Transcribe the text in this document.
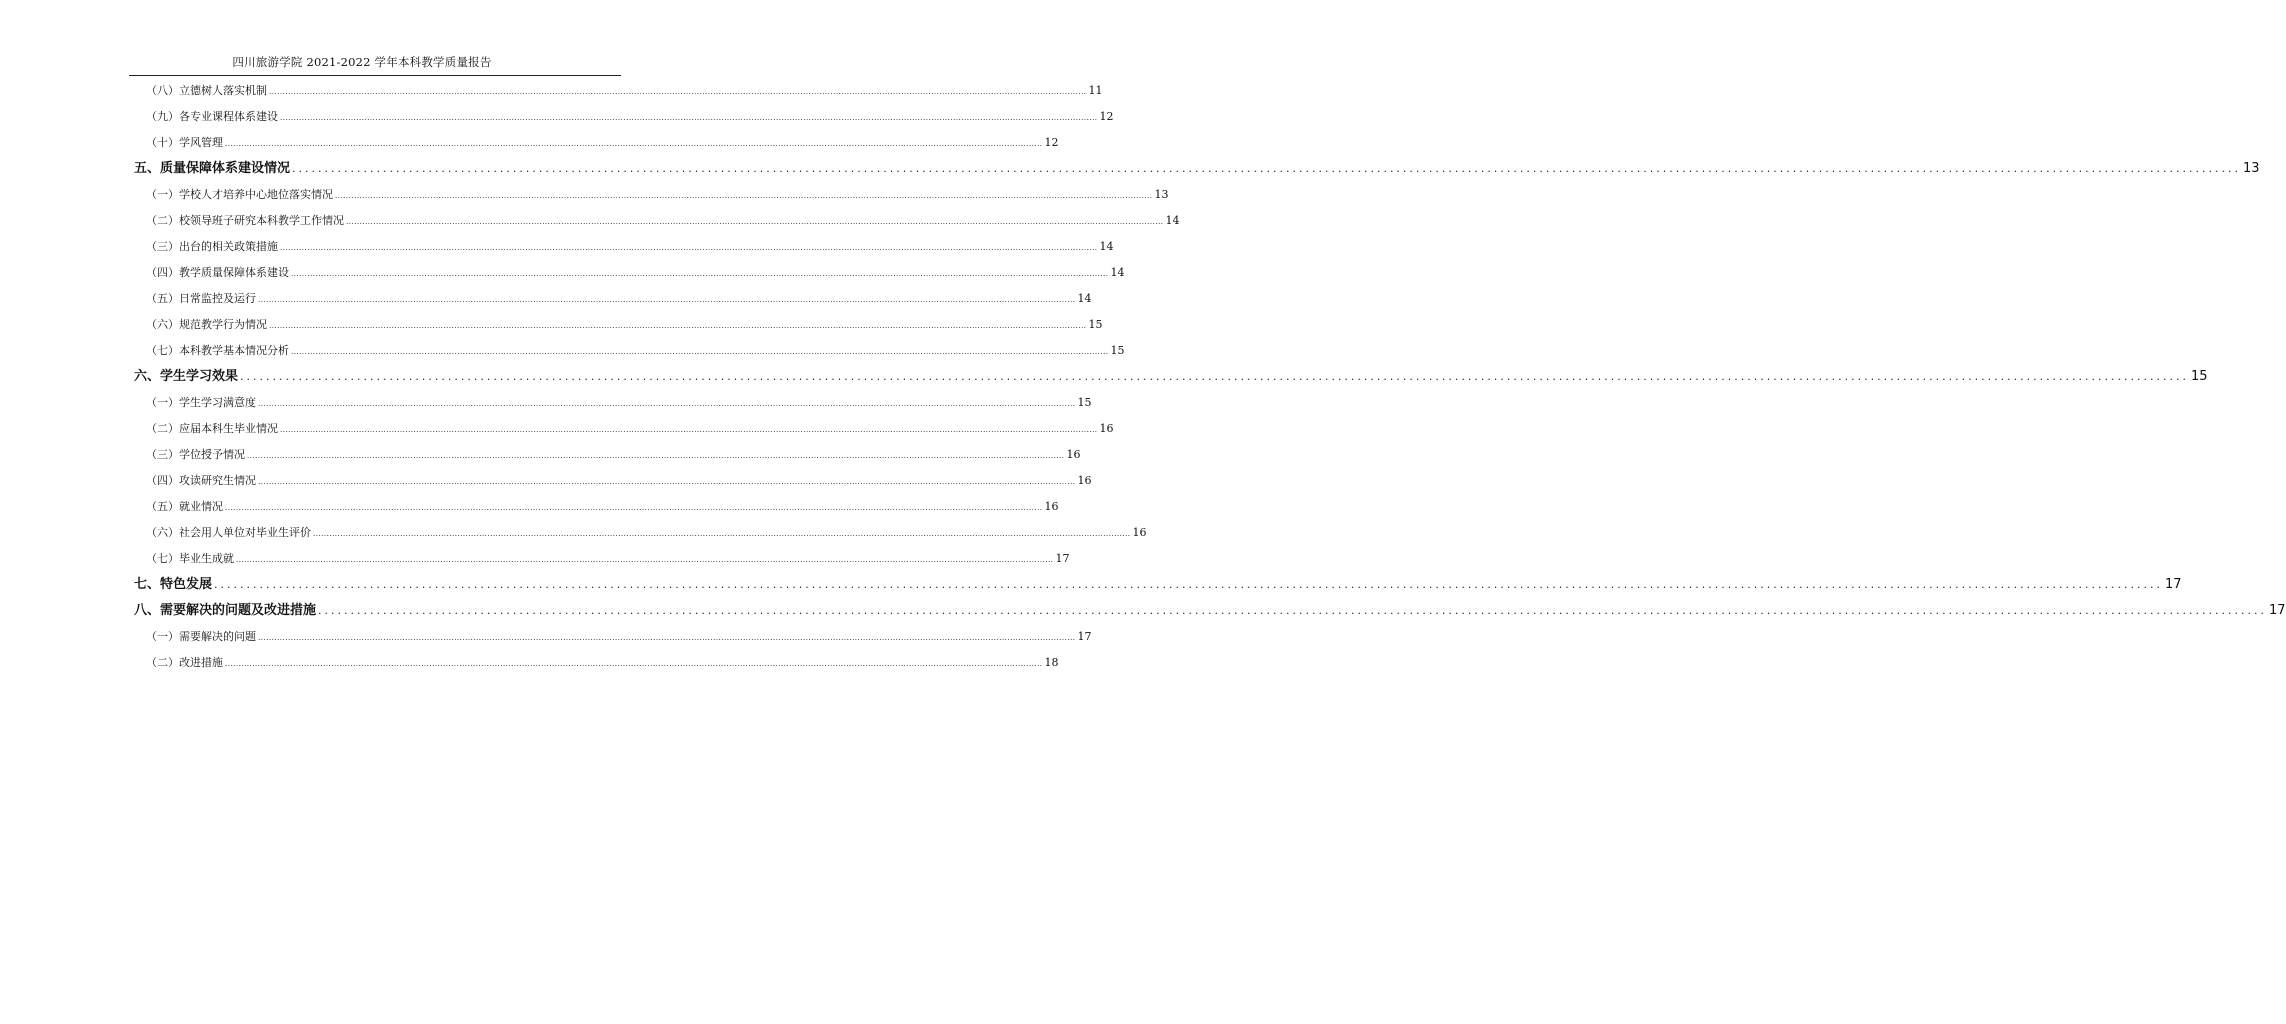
四川旅游学院 2021-2022 学年本科教学质量报告
（八）立德树人落实机制 ............................................................................................................................................................................................................................................................................................................ 11
（九）各专业课程体系建设 ............................................................................................................................................................................................................................................................................................................ 12
（十）学风管理 ............................................................................................................................................................................................................................................................................................................ 12
五、质量保障体系建设情况 ............................................................................................................................................................................................................................................................................................................ 13
（一）学校人才培养中心地位落实情况 ............................................................................................................................................................................................................................................................................................................ 13
（二）校领导班子研究本科教学工作情况 ............................................................................................................................................................................................................................................................................................................ 14
（三）出台的相关政策措施 ............................................................................................................................................................................................................................................................................................................ 14
（四）教学质量保障体系建设 ............................................................................................................................................................................................................................................................................................................ 14
（五）日常监控及运行 ............................................................................................................................................................................................................................................................................................................ 14
（六）规范教学行为情况 ............................................................................................................................................................................................................................................................................................................ 15
（七）本科教学基本情况分析 ............................................................................................................................................................................................................................................................................................................ 15
六、学生学习效果 ............................................................................................................................................................................................................................................................................................................ 15
（一）学生学习满意度 ............................................................................................................................................................................................................................................................................................................ 15
（二）应届本科生毕业情况 ............................................................................................................................................................................................................................................................................................................ 16
（三）学位授予情况 ............................................................................................................................................................................................................................................................................................................ 16
（四）攻读研究生情况 ............................................................................................................................................................................................................................................................................................................ 16
（五）就业情况 ............................................................................................................................................................................................................................................................................................................ 16
（六）社会用人单位对毕业生评价 ............................................................................................................................................................................................................................................................................................................ 16
（七）毕业生成就 ............................................................................................................................................................................................................................................................................................................ 17
七、特色发展 ............................................................................................................................................................................................................................................................................................................ 17
八、需要解决的问题及改进措施 ............................................................................................................................................................................................................................................................................................................ 17
（一）需要解决的问题 ............................................................................................................................................................................................................................................................................................................ 17
（二）改进措施 ............................................................................................................................................................................................................................................................................................................ 18
